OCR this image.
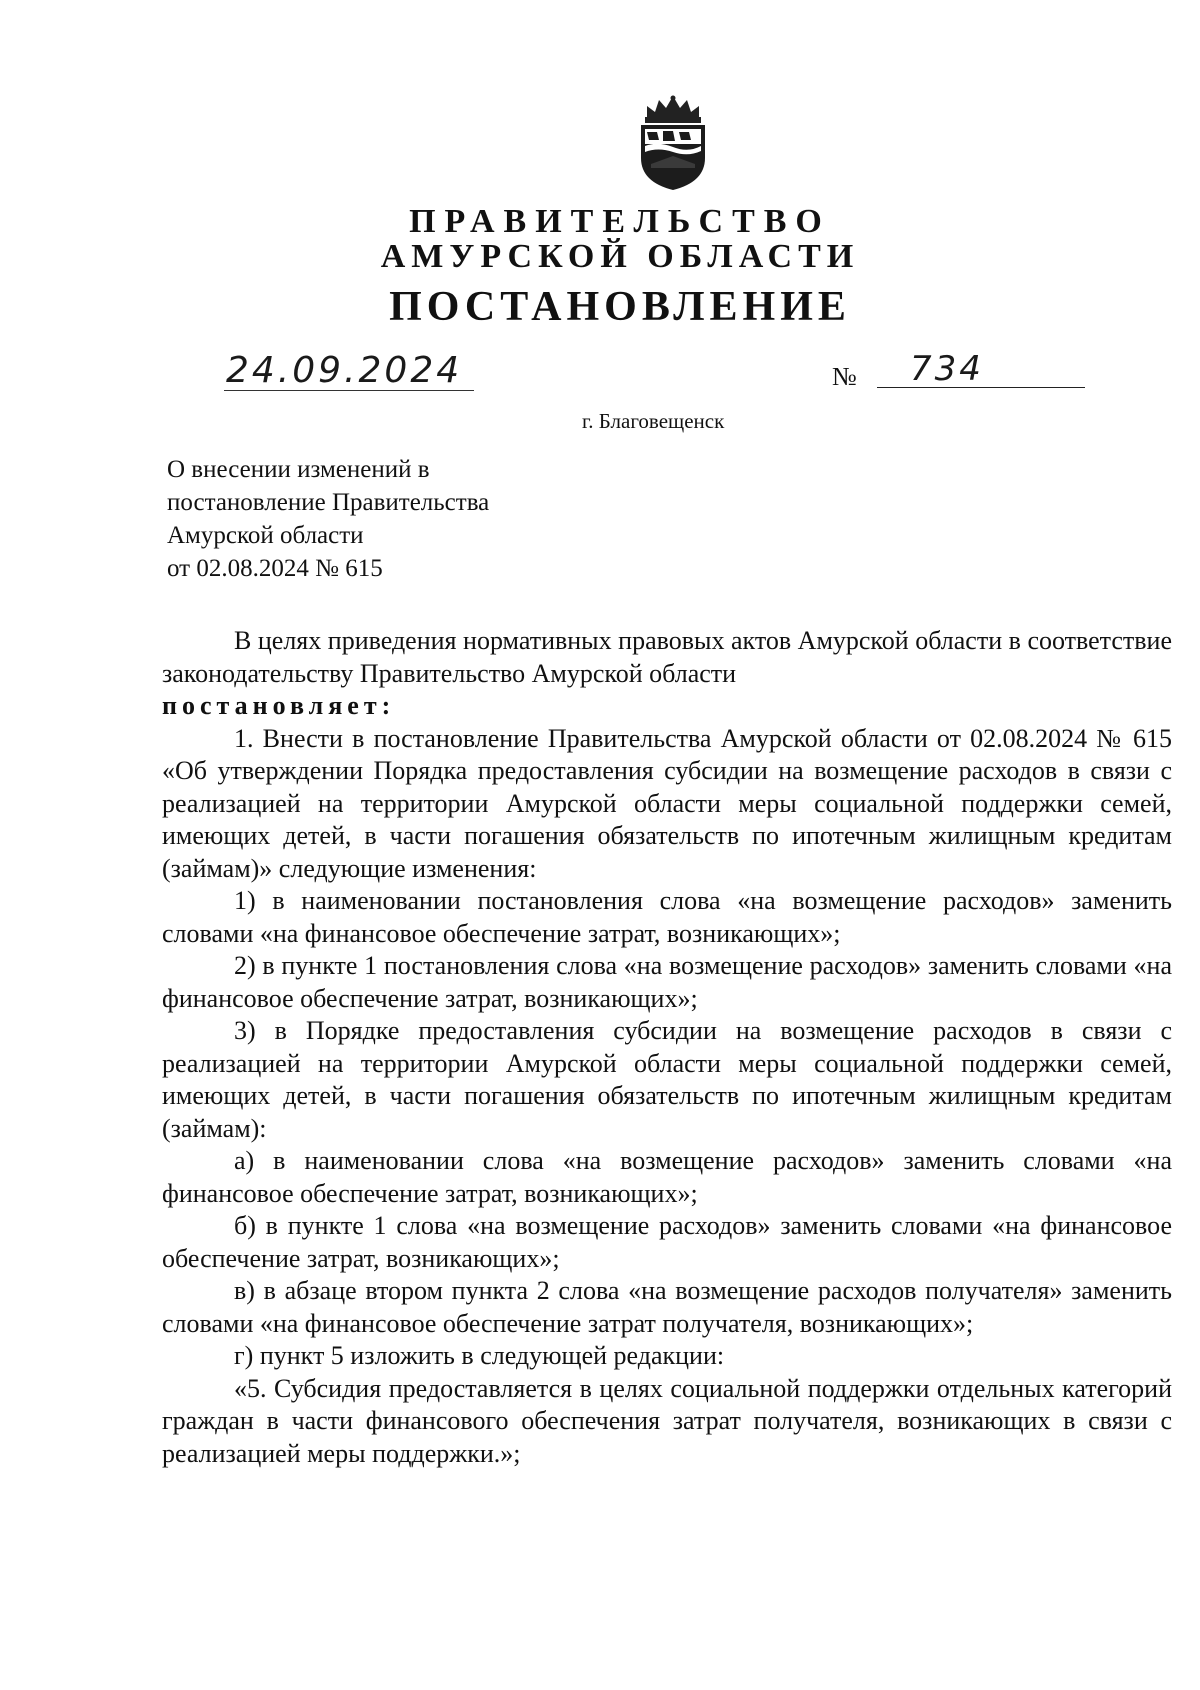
ПРАВИТЕЛЬСТВО
АМУРСКОЙ ОБЛАСТИ
ПОСТАНОВЛЕНИЕ
24.09.2024	№ 734
г. Благовещенск
О внесении изменений в
постановление Правительства
Амурской области
от 02.08.2024 № 615

В целях приведения нормативных правовых актов Амурской области в соответствие законодательству Правительство Амурской области

постановляет:

1. Внести в постановление Правительства Амурской области от 02.08.2024 № 615 «Об утверждении Порядка предоставления субсидии на возмещение расходов в связи с реализацией на территории Амурской области меры социальной поддержки семей, имеющих детей, в части погашения обязательств по ипотечным жилищным кредитам (займам)» следующие изменения:

1) в наименовании постановления слова «на возмещение расходов» заменить словами «на финансовое обеспечение затрат, возникающих»;

2) в пункте 1 постановления слова «на возмещение расходов» заменить словами «на финансовое обеспечение затрат, возникающих»;

3) в Порядке предоставления субсидии на возмещение расходов в связи с реализацией на территории Амурской области меры социальной поддержки семей, имеющих детей, в части погашения обязательств по ипотечным жилищным кредитам (займам):

а) в наименовании слова «на возмещение расходов» заменить словами «на финансовое обеспечение затрат, возникающих»;

б) в пункте 1 слова «на возмещение расходов» заменить словами «на финансовое обеспечение затрат, возникающих»;

в) в абзаце втором пункта 2 слова «на возмещение расходов получателя» заменить словами «на финансовое обеспечение затрат получателя, возникающих»;

г) пункт 5 изложить в следующей редакции:

«5. Субсидия предоставляется в целях социальной поддержки отдельных категорий граждан в части финансового обеспечения затрат получателя, возникающих в связи с реализацией меры поддержки.»;
